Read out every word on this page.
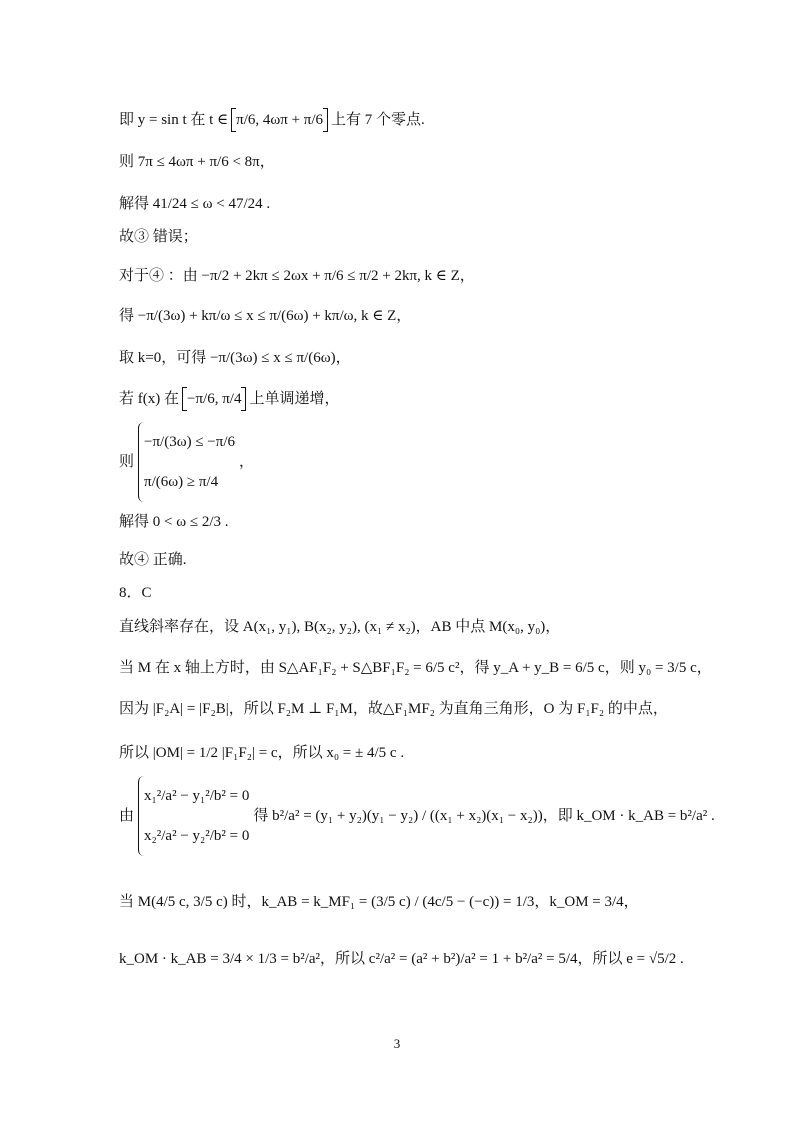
即 y = sin t 在 t ∈ π/6, 4ωπ + π/6 上有 7 个零点.
则 7π ≤ 4ωπ + π/6 < 8π，
解得 41/24 ≤ ω < 47/24 .
故③ 错误；
对于④ ：由 −π/2 + 2kπ ≤ 2ωx + π/6 ≤ π/2 + 2kπ, k ∈ Z，
得 −π/(3ω) + kπ/ω ≤ x ≤ π/(6ω) + kπ/ω, k ∈ Z，
取 k=0，可得 −π/(3ω) ≤ x ≤ π/(6ω)，
若 f(x) 在 −π/6, π/4 上单调递增，
则
−π/(3ω) ≤ −π/6
π/(6ω) ≥ π/4
，
解得 0 < ω ≤ 2/3 .
故④ 正确.
8．C
直线斜率存在，设 A(x₁, y₁), B(x₂, y₂), (x₁ ≠ x₂)，AB 中点 M(x₀, y₀)，
当 M 在 x 轴上方时，由 S△AF₁F₂ + S△BF₁F₂ = 6/5 c²，得 y_A + y_B = 6/5 c，则 y₀ = 3/5 c，
因为 |F₂A| = |F₂B|，所以 F₂M ⊥ F₁M，故△F₁MF₂ 为直角三角形，O 为 F₁F₂ 的中点，
所以 |OM| = 1/2 |F₁F₂| = c，所以 x₀ = ± 4/5 c .
由
x₁²/a² − y₁²/b² = 0
x₂²/a² − y₂²/b² = 0
得 b²/a² = (y₁ + y₂)(y₁ − y₂) / ((x₁ + x₂)(x₁ − x₂))，即 k_OM · k_AB = b²/a² .
当 M(4/5 c, 3/5 c) 时，k_AB = k_MF₁ = (3/5 c) / (4c/5 − (−c)) = 1/3，k_OM = 3/4，
k_OM · k_AB = 3/4 × 1/3 = b²/a²，所以 c²/a² = (a² + b²)/a² = 1 + b²/a² = 5/4，所以 e = √5/2 .
3
